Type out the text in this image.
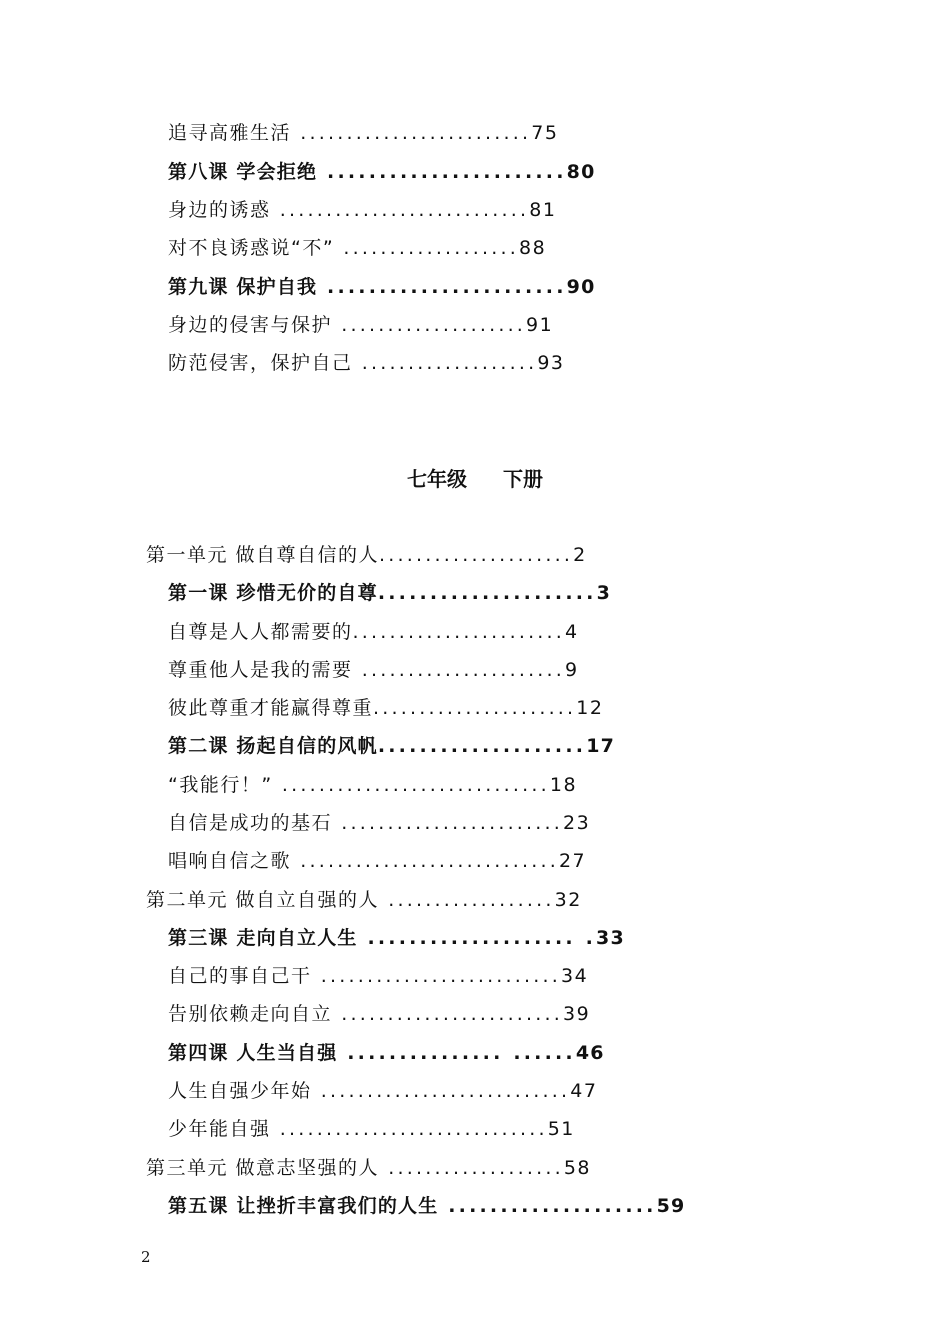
追寻高雅生活 .........................75
第八课 学会拒绝 .......................80
身边的诱惑 ...........................81
对不良诱惑说“不” ...................88
第九课 保护自我 .......................90
身边的侵害与保护 ....................91
防范侵害，保护自己 ...................93
七年级 下册
第一单元 做自尊自信的人.....................2
第一课 珍惜无价的自尊.....................3
自尊是人人都需要的.......................4
尊重他人是我的需要 ......................9
彼此尊重才能赢得尊重......................12
第二课 扬起自信的风帆....................17
“我能行！” .............................18
自信是成功的基石 ........................23
唱响自信之歌 ............................27
第二单元 做自立自强的人 ..................32
第三课 走向自立人生 .................... .33
自己的事自己干 ..........................34
告别依赖走向自立 ........................39
第四课 人生当自强 ............... ......46
人生自强少年始 ...........................47
少年能自强 .............................51
第三单元 做意志坚强的人 ...................58
第五课 让挫折丰富我们的人生 ....................59
2
